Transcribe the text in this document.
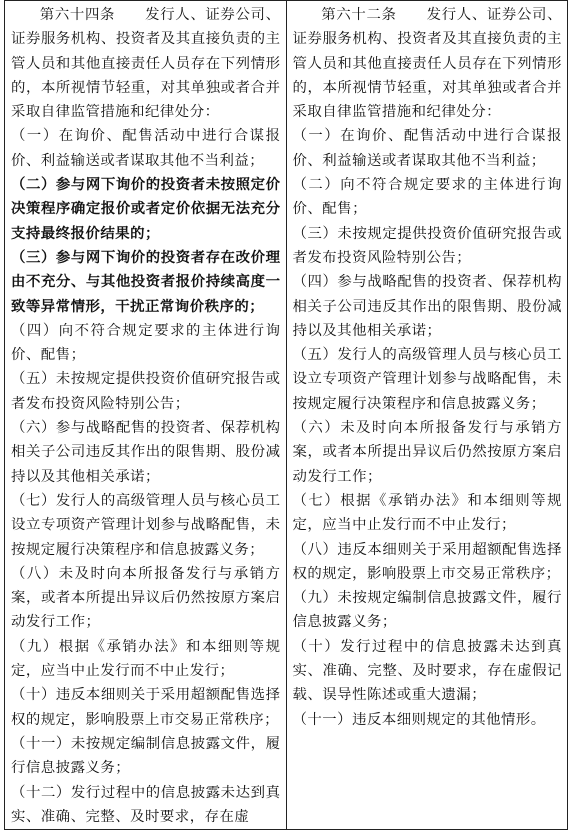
第六十四条　　发行人、证券公司、证券服务机构、投资者及其直接负责的主管人员和其他直接责任人员存在下列情形的，本所视情节轻重，对其单独或者合并采取自律监管措施和纪律处分：

（一）在询价、配售活动中进行合谋报价、利益输送或者谋取其他不当利益；

（二）参与网下询价的投资者未按照定价决策程序确定报价或者定价依据无法充分支持最终报价结果的；

（三）参与网下询价的投资者存在改价理由不充分、与其他投资者报价持续高度一致等异常情形，干扰正常询价秩序的；

（四）向不符合规定要求的主体进行询价、配售；

（五）未按规定提供投资价值研究报告或者发布投资风险特别公告；

（六）参与战略配售的投资者、保荐机构相关子公司违反其作出的限售期、股份减持以及其他相关承诺；

（七）发行人的高级管理人员与核心员工设立专项资产管理计划参与战略配售，未按规定履行决策程序和信息披露义务；

（八）未及时向本所报备发行与承销方案，或者本所提出异议后仍然按原方案启动发行工作；

（九）根据《承销办法》和本细则等规定，应当中止发行而不中止发行；

（十）违反本细则关于采用超额配售选择权的规定，影响股票上市交易正常秩序；

（十一）未按规定编制信息披露文件，履行信息披露义务；

（十二）发行过程中的信息披露未达到真实、准确、完整、及时要求，存在虚

第六十二条　　发行人、证券公司、证券服务机构、投资者及其直接负责的主管人员和其他直接责任人员存在下列情形的，本所视情节轻重，对其单独或者合并采取自律监管措施和纪律处分：

（一）在询价、配售活动中进行合谋报价、利益输送或者谋取其他不当利益；

（二）向不符合规定要求的主体进行询价、配售；

（三）未按规定提供投资价值研究报告或者发布投资风险特别公告；

（四）参与战略配售的投资者、保荐机构相关子公司违反其作出的限售期、股份减持以及其他相关承诺；

（五）发行人的高级管理人员与核心员工设立专项资产管理计划参与战略配售，未按规定履行决策程序和信息披露义务；

（六）未及时向本所报备发行与承销方案，或者本所提出异议后仍然按原方案启动发行工作；

（七）根据《承销办法》和本细则等规定，应当中止发行而不中止发行；

（八）违反本细则关于采用超额配售选择权的规定，影响股票上市交易正常秩序；

（九）未按规定编制信息披露文件，履行信息披露义务；

（十）发行过程中的信息披露未达到真实、准确、完整、及时要求，存在虚假记载、误导性陈述或重大遗漏；

（十一）违反本细则规定的其他情形。
